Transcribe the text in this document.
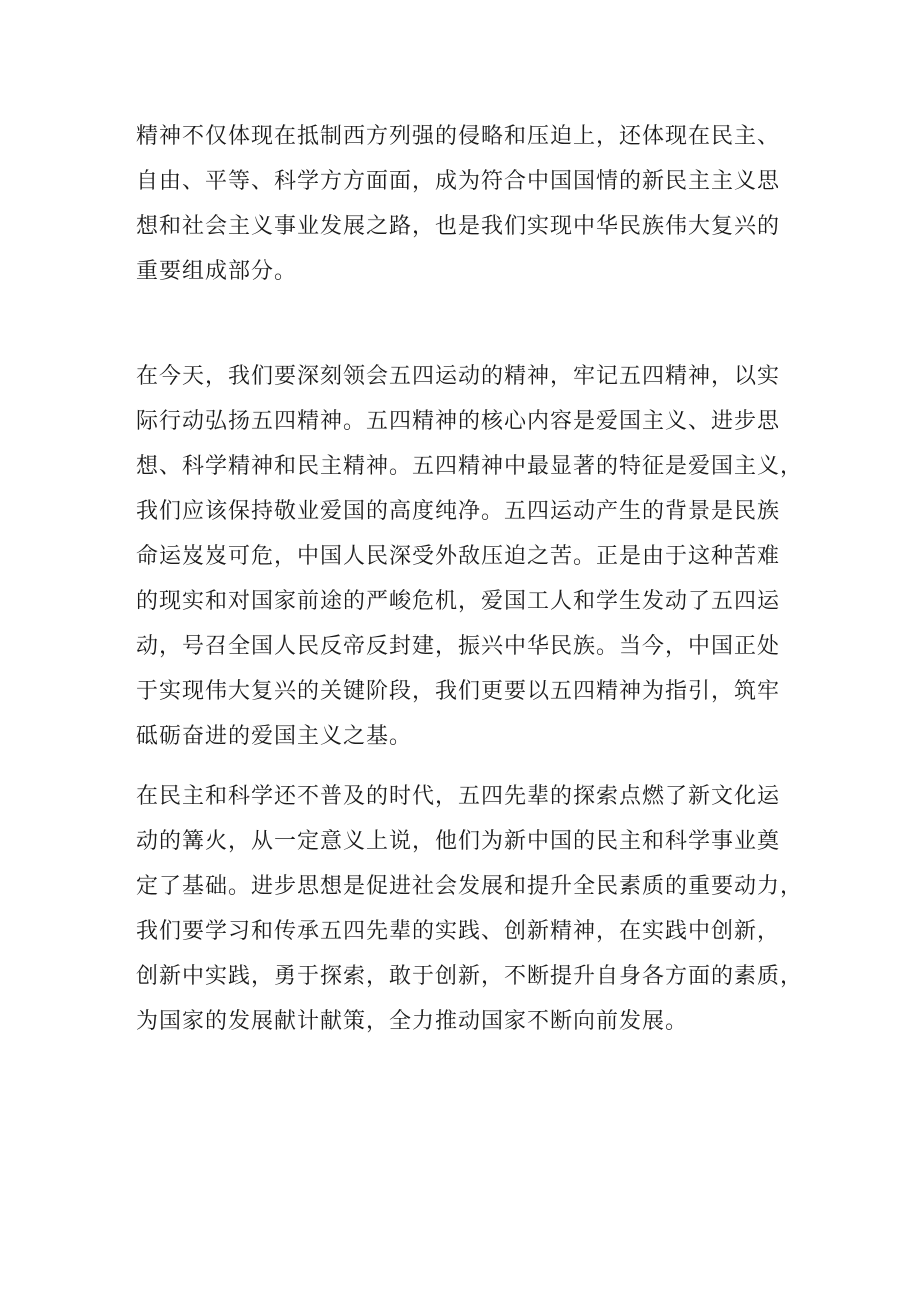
精神不仅体现在抵制西方列强的侵略和压迫上，还体现在民主、
自由、平等、科学方方面面，成为符合中国国情的新民主主义思
想和社会主义事业发展之路，也是我们实现中华民族伟大复兴的
重要组成部分。
在今天，我们要深刻领会五四运动的精神，牢记五四精神，以实
际行动弘扬五四精神。五四精神的核心内容是爱国主义、进步思
想、科学精神和民主精神。五四精神中最显著的特征是爱国主义，
我们应该保持敬业爱国的高度纯净。五四运动产生的背景是民族
命运岌岌可危，中国人民深受外敌压迫之苦。正是由于这种苦难
的现实和对国家前途的严峻危机，爱国工人和学生发动了五四运
动，号召全国人民反帝反封建，振兴中华民族。当今，中国正处
于实现伟大复兴的关键阶段，我们更要以五四精神为指引，筑牢
砥砺奋进的爱国主义之基。
在民主和科学还不普及的时代，五四先辈的探索点燃了新文化运
动的篝火，从一定意义上说，他们为新中国的民主和科学事业奠
定了基础。进步思想是促进社会发展和提升全民素质的重要动力，
我们要学习和传承五四先辈的实践、创新精神，在实践中创新，
创新中实践，勇于探索，敢于创新，不断提升自身各方面的素质，
为国家的发展献计献策，全力推动国家不断向前发展。
